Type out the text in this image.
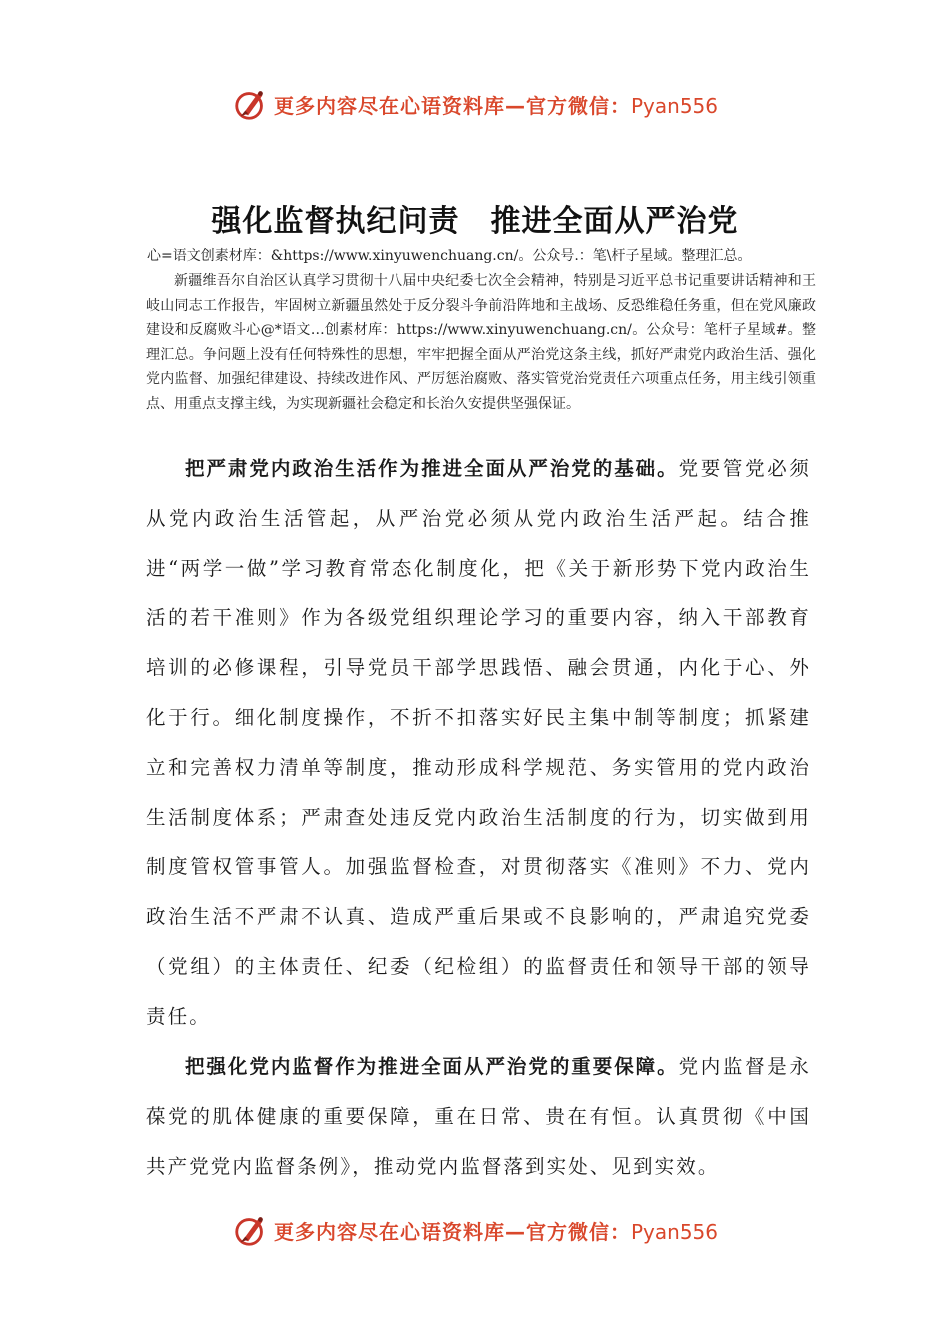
更多内容尽在心语资料库—官方微信：Pyan556
强化监督执纪问责　推进全面从严治党
心=语文创素材库：&https://www.xinyuwenchuang.cn/。公众号.：笔\杆子星域。整理汇总。

新疆维吾尔自治区认真学习贯彻十八届中央纪委七次全会精神，特别是习近平总书记重要讲话精神和王岐山同志工作报告，牢固树立新疆虽然处于反分裂斗争前沿阵地和主战场、反恐维稳任务重，但在党风廉政建设和反腐败斗心@*语文…创素材库：https://www.xinyuwenchuang.cn/。公众号：笔杆子星域#。整理汇总。争问题上没有任何特殊性的思想，牢牢把握全面从严治党这条主线，抓好严肃党内政治生活、强化党内监督、加强纪律建设、持续改进作风、严厉惩治腐败、落实管党治党责任六项重点任务，用主线引领重点、用重点支撑主线，为实现新疆社会稳定和长治久安提供坚强保证。

把严肃党内政治生活作为推进全面从严治党的基础。党要管党必须从党内政治生活管起，从严治党必须从党内政治生活严起。结合推进“两学一做”学习教育常态化制度化，把《关于新形势下党内政治生活的若干准则》作为各级党组织理论学习的重要内容，纳入干部教育培训的必修课程，引导党员干部学思践悟、融会贯通，内化于心、外化于行。细化制度操作，不折不扣落实好民主集中制等制度；抓紧建立和完善权力清单等制度，推动形成科学规范、务实管用的党内政治生活制度体系；严肃查处违反党内政治生活制度的行为，切实做到用制度管权管事管人。加强监督检查，对贯彻落实《准则》不力、党内政治生活不严肃不认真、造成严重后果或不良影响的，严肃追究党委（党组）的主体责任、纪委（纪检组）的监督责任和领导干部的领导责任。

把强化党内监督作为推进全面从严治党的重要保障。党内监督是永葆党的肌体健康的重要保障，重在日常、贵在有恒。认真贯彻《中国共产党党内监督条例》，推动党内监督落到实处、见到实效。

更多内容尽在心语资料库—官方微信：Pyan556
